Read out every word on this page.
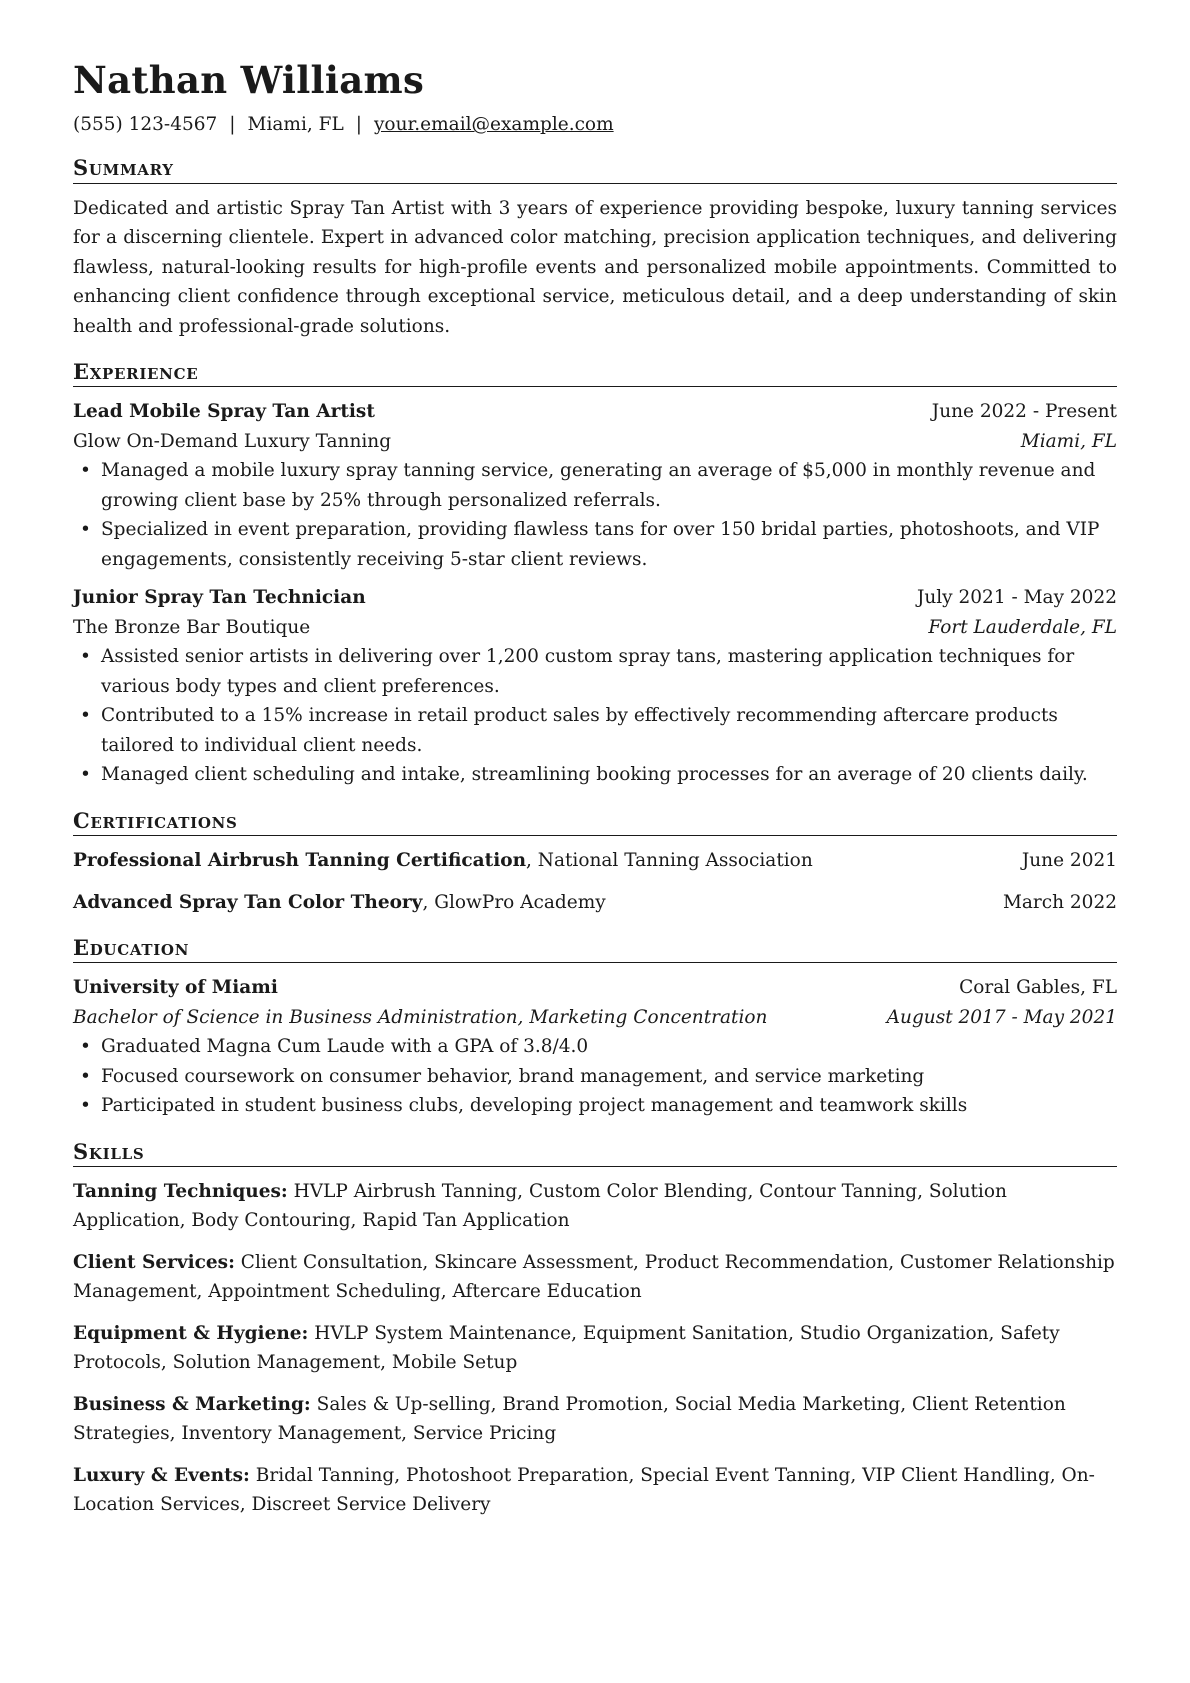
Nathan Williams
(555) 123-4567 | Miami, FL | your.email@example.com
Summary
Dedicated and artistic Spray Tan Artist with 3 years of experience providing bespoke, luxury tanning services for a discerning clientele. Expert in advanced color matching, precision application techniques, and delivering flawless, natural-looking results for high-profile events and personalized mobile appointments. Committed to enhancing client confidence through exceptional service, meticulous detail, and a deep understanding of skin health and professional-grade solutions.
Experience
Lead Mobile Spray Tan Artist	June 2022 - Present
Glow On-Demand Luxury Tanning	Miami, FL
• Managed a mobile luxury spray tanning service, generating an average of $5,000 in monthly revenue and growing client base by 25% through personalized referrals.
• Specialized in event preparation, providing flawless tans for over 150 bridal parties, photoshoots, and VIP engagements, consistently receiving 5-star client reviews.
Junior Spray Tan Technician	July 2021 - May 2022
The Bronze Bar Boutique	Fort Lauderdale, FL
• Assisted senior artists in delivering over 1,200 custom spray tans, mastering application techniques for various body types and client preferences.
• Contributed to a 15% increase in retail product sales by effectively recommending aftercare products tailored to individual client needs.
• Managed client scheduling and intake, streamlining booking processes for an average of 20 clients daily.
Certifications
Professional Airbrush Tanning Certification, National Tanning Association	June 2021
Advanced Spray Tan Color Theory, GlowPro Academy	March 2022
Education
University of Miami	Coral Gables, FL
Bachelor of Science in Business Administration, Marketing Concentration	August 2017 - May 2021
• Graduated Magna Cum Laude with a GPA of 3.8/4.0
• Focused coursework on consumer behavior, brand management, and service marketing
• Participated in student business clubs, developing project management and teamwork skills
Skills
Tanning Techniques: HVLP Airbrush Tanning, Custom Color Blending, Contour Tanning, Solution Application, Body Contouring, Rapid Tan Application
Client Services: Client Consultation, Skincare Assessment, Product Recommendation, Customer Relationship Management, Appointment Scheduling, Aftercare Education
Equipment & Hygiene: HVLP System Maintenance, Equipment Sanitation, Studio Organization, Safety Protocols, Solution Management, Mobile Setup
Business & Marketing: Sales & Up-selling, Brand Promotion, Social Media Marketing, Client Retention Strategies, Inventory Management, Service Pricing
Luxury & Events: Bridal Tanning, Photoshoot Preparation, Special Event Tanning, VIP Client Handling, On-Location Services, Discreet Service Delivery
